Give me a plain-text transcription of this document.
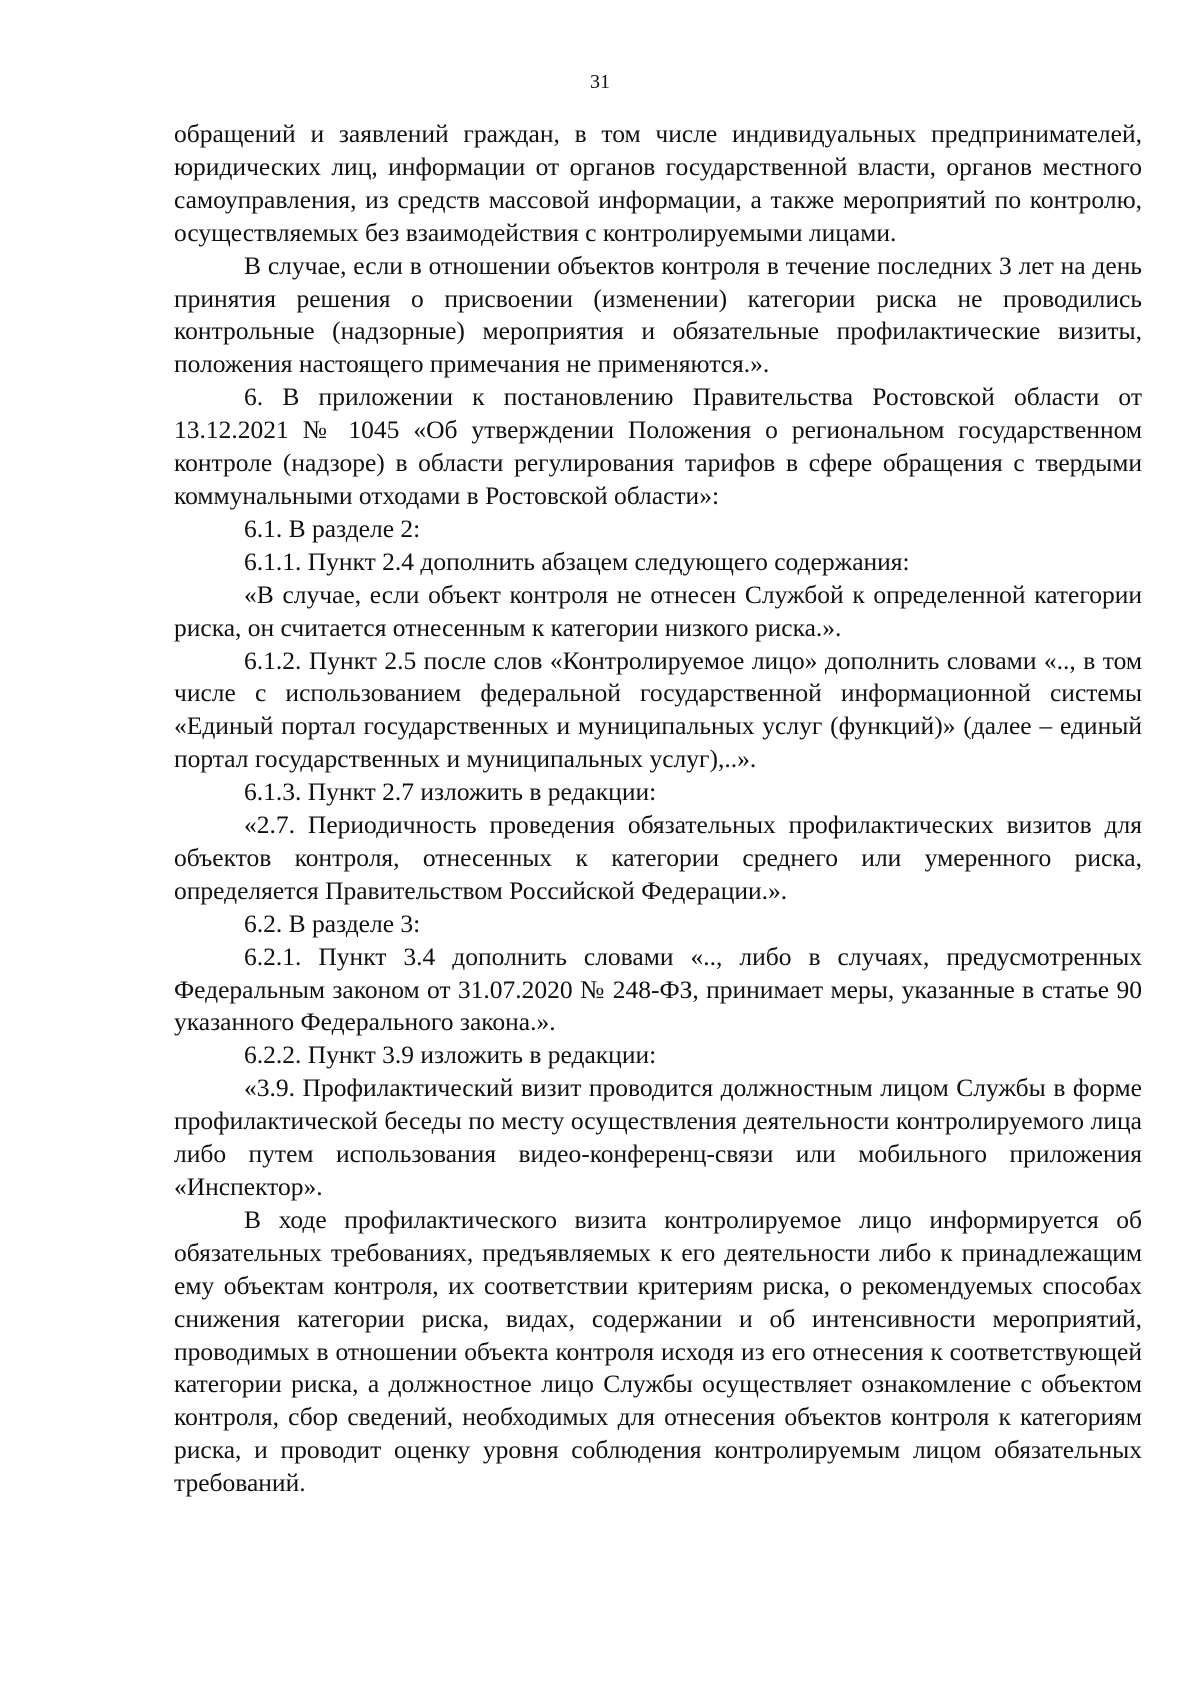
31

обращений и заявлений граждан, в том числе индивидуальных предпринимателей, юридических лиц, информации от органов государственной власти, органов местного самоуправления, из средств массовой информации, а также мероприятий по контролю, осуществляемых без взаимодействия с контролируемыми лицами.

В случае, если в отношении объектов контроля в течение последних 3 лет на день принятия решения о присвоении (изменении) категории риска не проводились контрольные (надзорные) мероприятия и обязательные профилактические визиты, положения настоящего примечания не применяются.».

6. В приложении к постановлению Правительства Ростовской области от 13.12.2021 № 1045 «Об утверждении Положения о региональном государственном контроле (надзоре) в области регулирования тарифов в сфере обращения с твердыми коммунальными отходами в Ростовской области»:

6.1. В разделе 2:

6.1.1. Пункт 2.4 дополнить абзацем следующего содержания:

«В случае, если объект контроля не отнесен Службой к определенной категории риска, он считается отнесенным к категории низкого риска.».

6.1.2. Пункт 2.5 после слов «Контролируемое лицо» дополнить словами «.., в том числе с использованием федеральной государственной информационной системы «Единый портал государственных и муниципальных услуг (функций)» (далее – единый портал государственных и муниципальных услуг),..».

6.1.3. Пункт 2.7 изложить в редакции:

«2.7. Периодичность проведения обязательных профилактических визитов для объектов контроля, отнесенных к категории среднего или умеренного риска, определяется Правительством Российской Федерации.».

6.2. В разделе 3:

6.2.1. Пункт 3.4 дополнить словами «.., либо в случаях, предусмотренных Федеральным законом от 31.07.2020 № 248-ФЗ, принимает меры, указанные в статье 90 указанного Федерального закона.».

6.2.2. Пункт 3.9 изложить в редакции:

«3.9. Профилактический визит проводится должностным лицом Службы в форме профилактической беседы по месту осуществления деятельности контролируемого лица либо путем использования видео-конференц-связи или мобильного приложения «Инспектор».

В ходе профилактического визита контролируемое лицо информируется об обязательных требованиях, предъявляемых к его деятельности либо к принадлежащим ему объектам контроля, их соответствии критериям риска, о рекомендуемых способах снижения категории риска, видах, содержании и об интенсивности мероприятий, проводимых в отношении объекта контроля исходя из его отнесения к соответствующей категории риска, а должностное лицо Службы осуществляет ознакомление с объектом контроля, сбор сведений, необходимых для отнесения объектов контроля к категориям риска, и проводит оценку уровня соблюдения контролируемым лицом обязательных требований.
